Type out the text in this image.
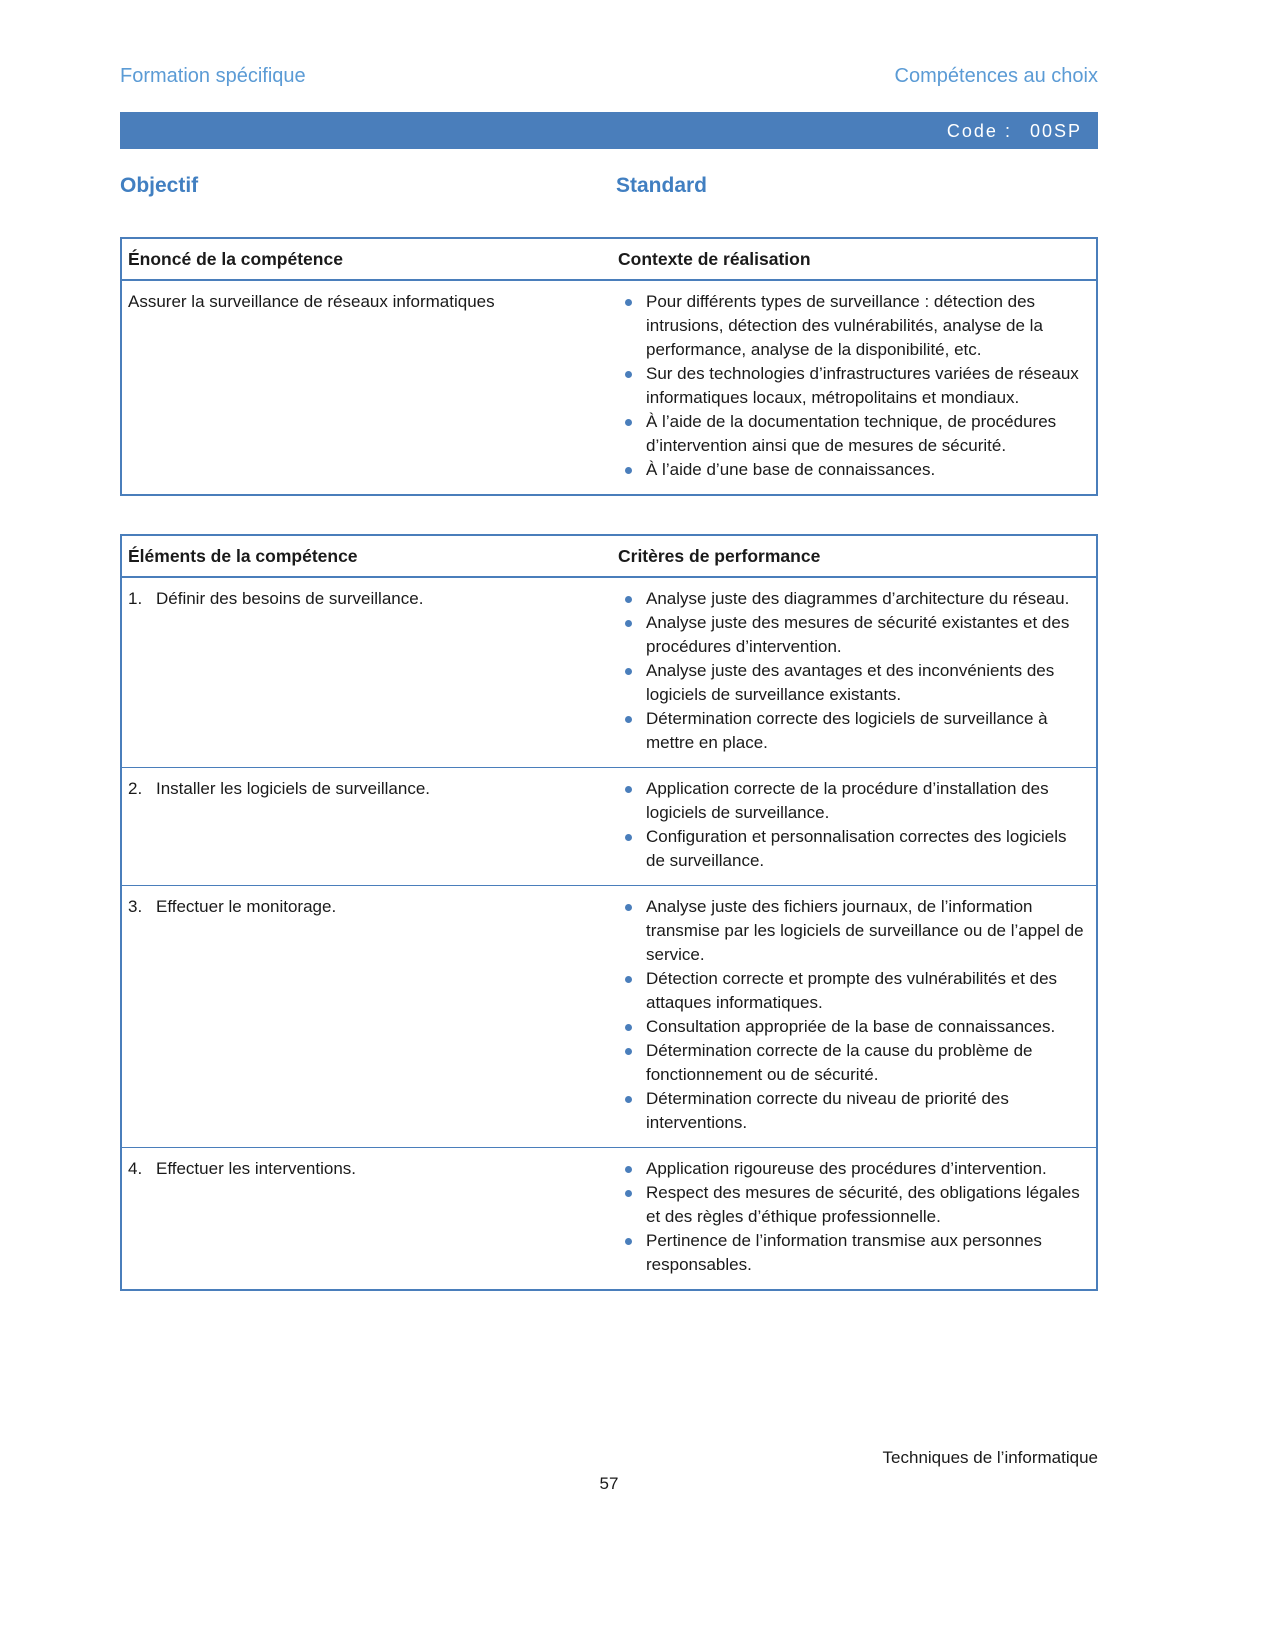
Formation spécifique	Compétences au choix
Code : 00SP
Objectif	Standard
Énoncé de la compétence	Contexte de réalisation
Assurer la surveillance de réseaux informatiques	Pour différents types de surveillance : détection des intrusions, détection des vulnérabilités, analyse de la performance, analyse de la disponibilité, etc.
Sur des technologies d’infrastructures variées de réseaux informatiques locaux, métropolitains et mondiaux.
À l’aide de la documentation technique, de procédures d’intervention ainsi que de mesures de sécurité.
À l’aide d’une base de connaissances.
Éléments de la compétence	Critères de performance
1. Définir des besoins de surveillance.	Analyse juste des diagrammes d’architecture du réseau.
Analyse juste des mesures de sécurité existantes et des procédures d’intervention.
Analyse juste des avantages et des inconvénients des logiciels de surveillance existants.
Détermination correcte des logiciels de surveillance à mettre en place.
2. Installer les logiciels de surveillance.	Application correcte de la procédure d’installation des logiciels de surveillance.
Configuration et personnalisation correctes des logiciels de surveillance.
3. Effectuer le monitorage.	Analyse juste des fichiers journaux, de l’information transmise par les logiciels de surveillance ou de l’appel de service.
Détection correcte et prompte des vulnérabilités et des attaques informatiques.
Consultation appropriée de la base de connaissances.
Détermination correcte de la cause du problème de fonctionnement ou de sécurité.
Détermination correcte du niveau de priorité des interventions.
4. Effectuer les interventions.	Application rigoureuse des procédures d’intervention.
Respect des mesures de sécurité, des obligations légales et des règles d’éthique professionnelle.
Pertinence de l’information transmise aux personnes responsables.
Techniques de l’informatique
57
